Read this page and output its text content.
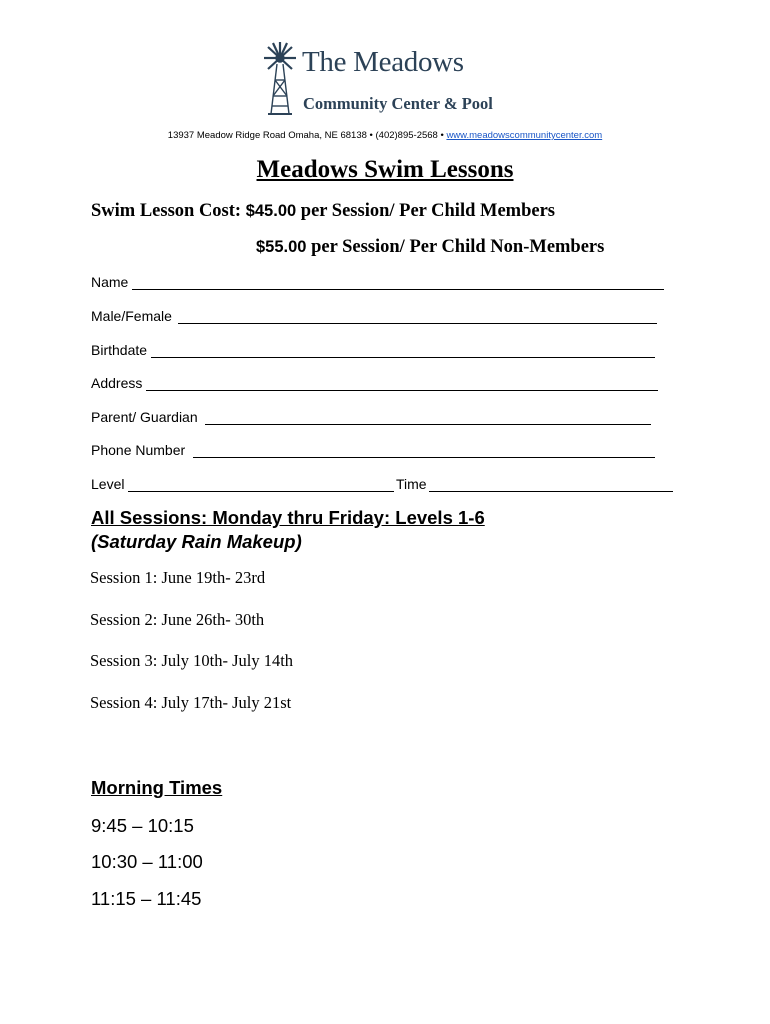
The Meadows
Community Center & Pool
13937 Meadow Ridge Road Omaha, NE 68138 • (402)895-2568 • www.meadowscommunitycenter.com
Meadows Swim Lessons
Swim Lesson Cost: $45.00 per Session/ Per Child Members
$55.00 per Session/ Per Child Non-Members
Name
Male/Female
Birthdate
Address
Parent/ Guardian
Phone Number
Level	Time
All Sessions: Monday thru Friday: Levels 1-6
(Saturday Rain Makeup)
Session 1: June 19th- 23rd
Session 2: June 26th- 30th
Session 3: July 10th- July 14th
Session 4: July 17th- July 21st
Morning Times
9:45 – 10:15
10:30 – 11:00
11:15 – 11:45
